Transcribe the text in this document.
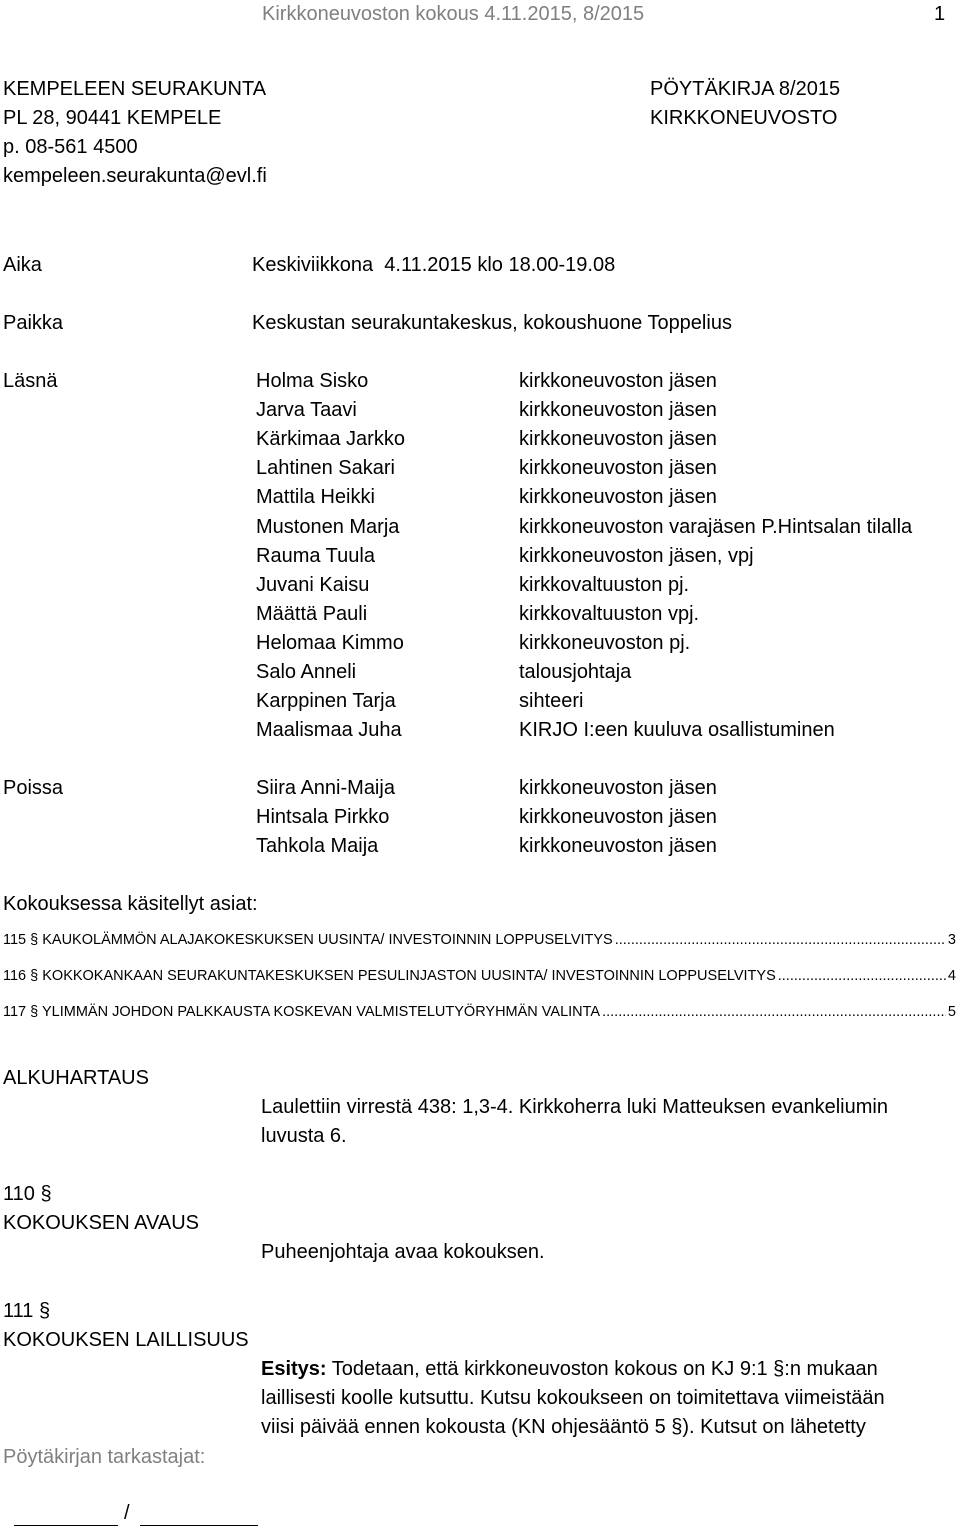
Kirkkoneuvoston kokous 4.11.2015, 8/2015	1
KEMPELEEN SEURAKUNTA
PL 28, 90441 KEMPELE
p. 08-561 4500
kempeleen.seurakunta@evl.fi
PÖYTÄKIRJA 8/2015
KIRKKONEUVOSTO
Aika	Keskiviikkona  4.11.2015 klo 18.00-19.08
Paikka	Keskustan seurakuntakeskus, kokoushuone Toppelius
Läsnä	Holma Sisko	kirkkoneuvoston jäsen
Jarva Taavi	kirkkoneuvoston jäsen
Kärkimaa Jarkko	kirkkoneuvoston jäsen
Lahtinen Sakari	kirkkoneuvoston jäsen
Mattila Heikki	kirkkoneuvoston jäsen
Mustonen Marja	kirkkoneuvoston varajäsen P.Hintsalan tilalla
Rauma Tuula	kirkkoneuvoston jäsen, vpj
Juvani Kaisu	kirkkovaltuuston pj.
Määttä Pauli	kirkkovaltuuston vpj.
Helomaa Kimmo	kirkkoneuvoston pj.
Salo Anneli	talousjohtaja
Karppinen Tarja	sihteeri
Maalismaa Juha	KIRJO I:een kuuluva osallistuminen
Poissa	Siira Anni-Maija	kirkkoneuvoston jäsen
Hintsala Pirkko	kirkkoneuvoston jäsen
Tahkola Maija	kirkkoneuvoston jäsen
Kokouksessa käsitellyt asiat:
115 § KAUKOLÄMMÖN ALAJAKOKESKUKSEN UUSINTA/ INVESTOINNIN LOPPUSELVITYS .....	3
116 § KOKKOKANKAAN SEURAKUNTAKESKUKSEN PESULINJASTON UUSINTA/ INVESTOINNIN LOPPUSELVITYS .....	4
117 § YLIMMÄN JOHDON PALKKAUSTA KOSKEVAN VALMISTELUTYÖRYHMÄN VALINTA .....	5
ALKUHARTAUS
Laulettiin virrestä 438: 1,3-4. Kirkkoherra luki Matteuksen evankeliumin
luvusta 6.
110 §
KOKOUKSEN AVAUS
Puheenjohtaja avaa kokouksen.
111 §
KOKOUKSEN LAILLISUUS
Esitys: Todetaan, että kirkkoneuvoston kokous on KJ 9:1 §:n mukaan
laillisesti koolle kutsuttu. Kutsu kokoukseen on toimitettava viimeistään
viisi päivää ennen kokousta (KN ohjesääntö 5 §). Kutsut on lähetetty
Pöytäkirjan tarkastajat:
/
